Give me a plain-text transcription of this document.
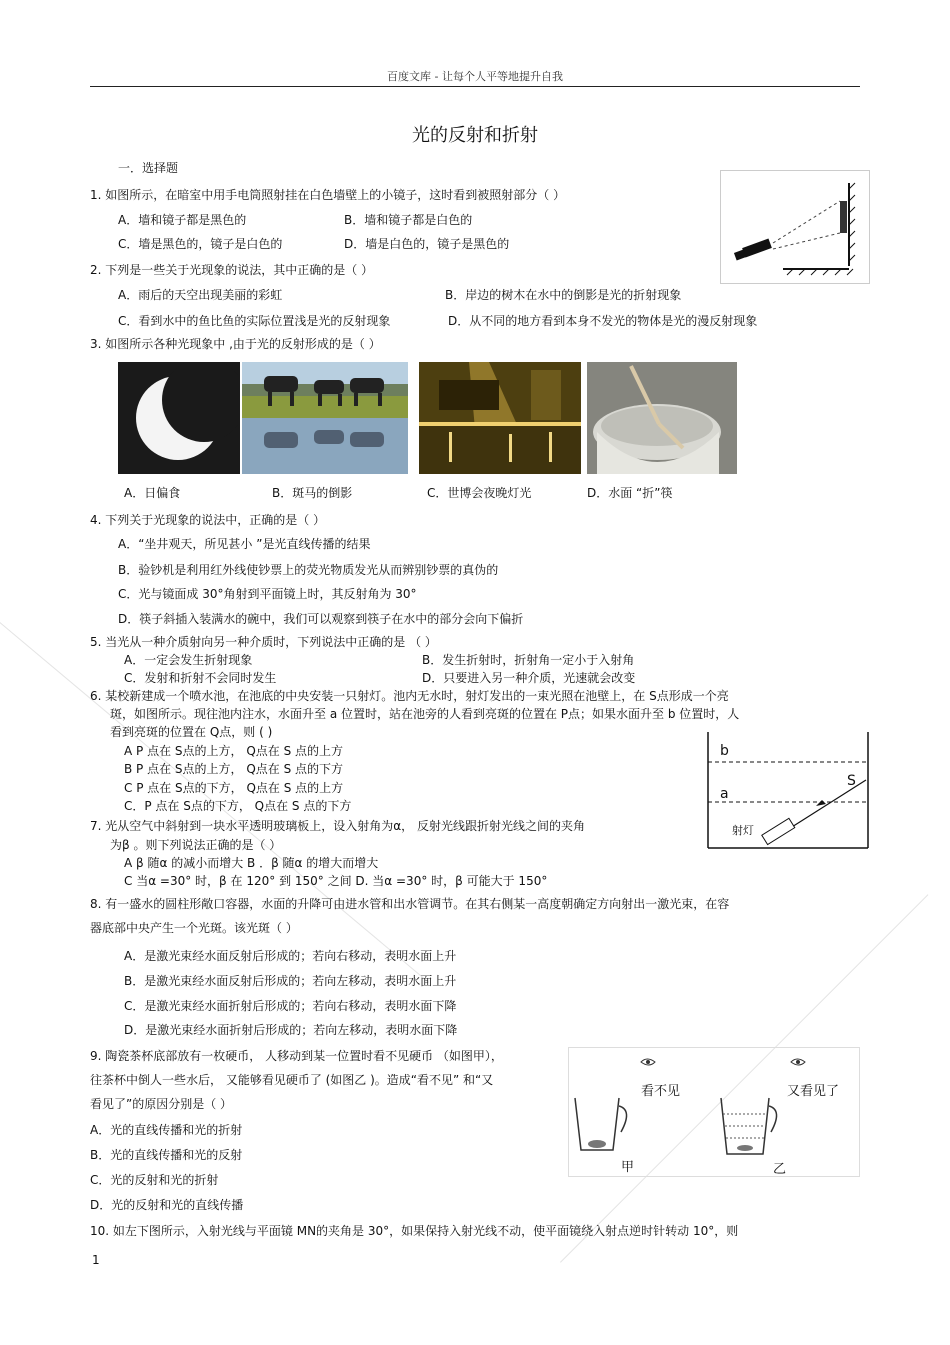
百度文库 - 让每个人平等地提升自我
光的反射和折射
一．选择题
1. 如图所示，在暗室中用手电筒照射挂在白色墙壁上的小镜子，这时看到被照射部分（ ）
A．墙和镜子都是黑色的	B．墙和镜子都是白色的
C．墙是黑色的，镜子是白色的	D．墙是白色的，镜子是黑色的
2. 下列是一些关于光现象的说法，其中正确的是（ ）
A．雨后的天空出现美丽的彩虹	B．岸边的树木在水中的倒影是光的折射现象
C．看到水中的鱼比鱼的实际位置浅是光的反射现象	D．从不同的地方看到本身不发光的物体是光的漫反射现象
3. 如图所示各种光现象中 ,由于光的反射形成的是（ ）
A．日偏食	B．斑马的倒影	C．世博会夜晚灯光	D．水面 “折”筷
4. 下列关于光现象的说法中，正确的是（ ）
A．“坐井观天，所见甚小 ”是光直线传播的结果
B．验钞机是利用红外线使钞票上的荧光物质发光从而辨别钞票的真伪的
C．光与镜面成 30°角射到平面镜上时，其反射角为 30°
D．筷子斜插入装满水的碗中，我们可以观察到筷子在水中的部分会向下偏折
5. 当光从一种介质射向另一种介质时，下列说法中正确的是 （ ）
A．一定会发生折射现象	B．发生折射时，折射角一定小于入射角
C．发射和折射不会同时发生	D．只要进入另一种介质，光速就会改变
6. 某校新建成一个喷水池，在池底的中央安装一只射灯。池内无水时，射灯发出的一束光照在池壁上，在 S点形成一个亮
斑，如图所示。现往池内注水，水面升至 a 位置时，站在池旁的人看到亮斑的位置在 P点；如果水面升至 b 位置时，人
看到亮斑的位置在 Q点，则 ( )
A P 点在 S点的上方， Q点在 S 点的上方
B P 点在 S点的上方， Q点在 S 点的下方
C P 点在 S点的下方， Q点在 S 点的上方
C．P 点在 S点的下方， Q点在 S 点的下方
7. 光从空气中斜射到一块水平透明玻璃板上，设入射角为α， 反射光线跟折射光线之间的夹角
为β 。则下列说法正确的是（ ）
A β 随α 的减小而增大 B ．β 随α 的增大而增大
C 当α =30° 时，β 在 120° 到 150° 之间 D. 当α =30° 时，β 可能大于 150°
8. 有一盛水的圆柱形敞口容器，水面的升降可由进水管和出水管调节。在其右侧某一高度朝确定方向射出一激光束，在容
器底部中央产生一个光斑。该光斑（ ）
A．是激光束经水面反射后形成的；若向右移动，表明水面上升
B．是激光束经水面反射后形成的；若向左移动，表明水面上升
C．是激光束经水面折射后形成的；若向右移动，表明水面下降
D．是激光束经水面折射后形成的；若向左移动，表明水面下降
9. 陶瓷茶杯底部放有一枚硬币， 人移动到某一位置时看不见硬币 （如图甲），
往茶杯中倒人一些水后， 又能够看见硬币了 (如图乙 )。造成“看不见” 和“又
看见了”的原因分别是（ ）
A．光的直线传播和光的折射
B．光的直线传播和光的反射
C．光的反射和光的折射
D．光的反射和光的直线传播
10. 如左下图所示，入射光线与平面镜 MN的夹角是 30°，如果保持入射光线不动，使平面镜绕入射点逆时针转动 10°，则
b
a
S
射灯
看不见	又看见了
甲	乙
1
